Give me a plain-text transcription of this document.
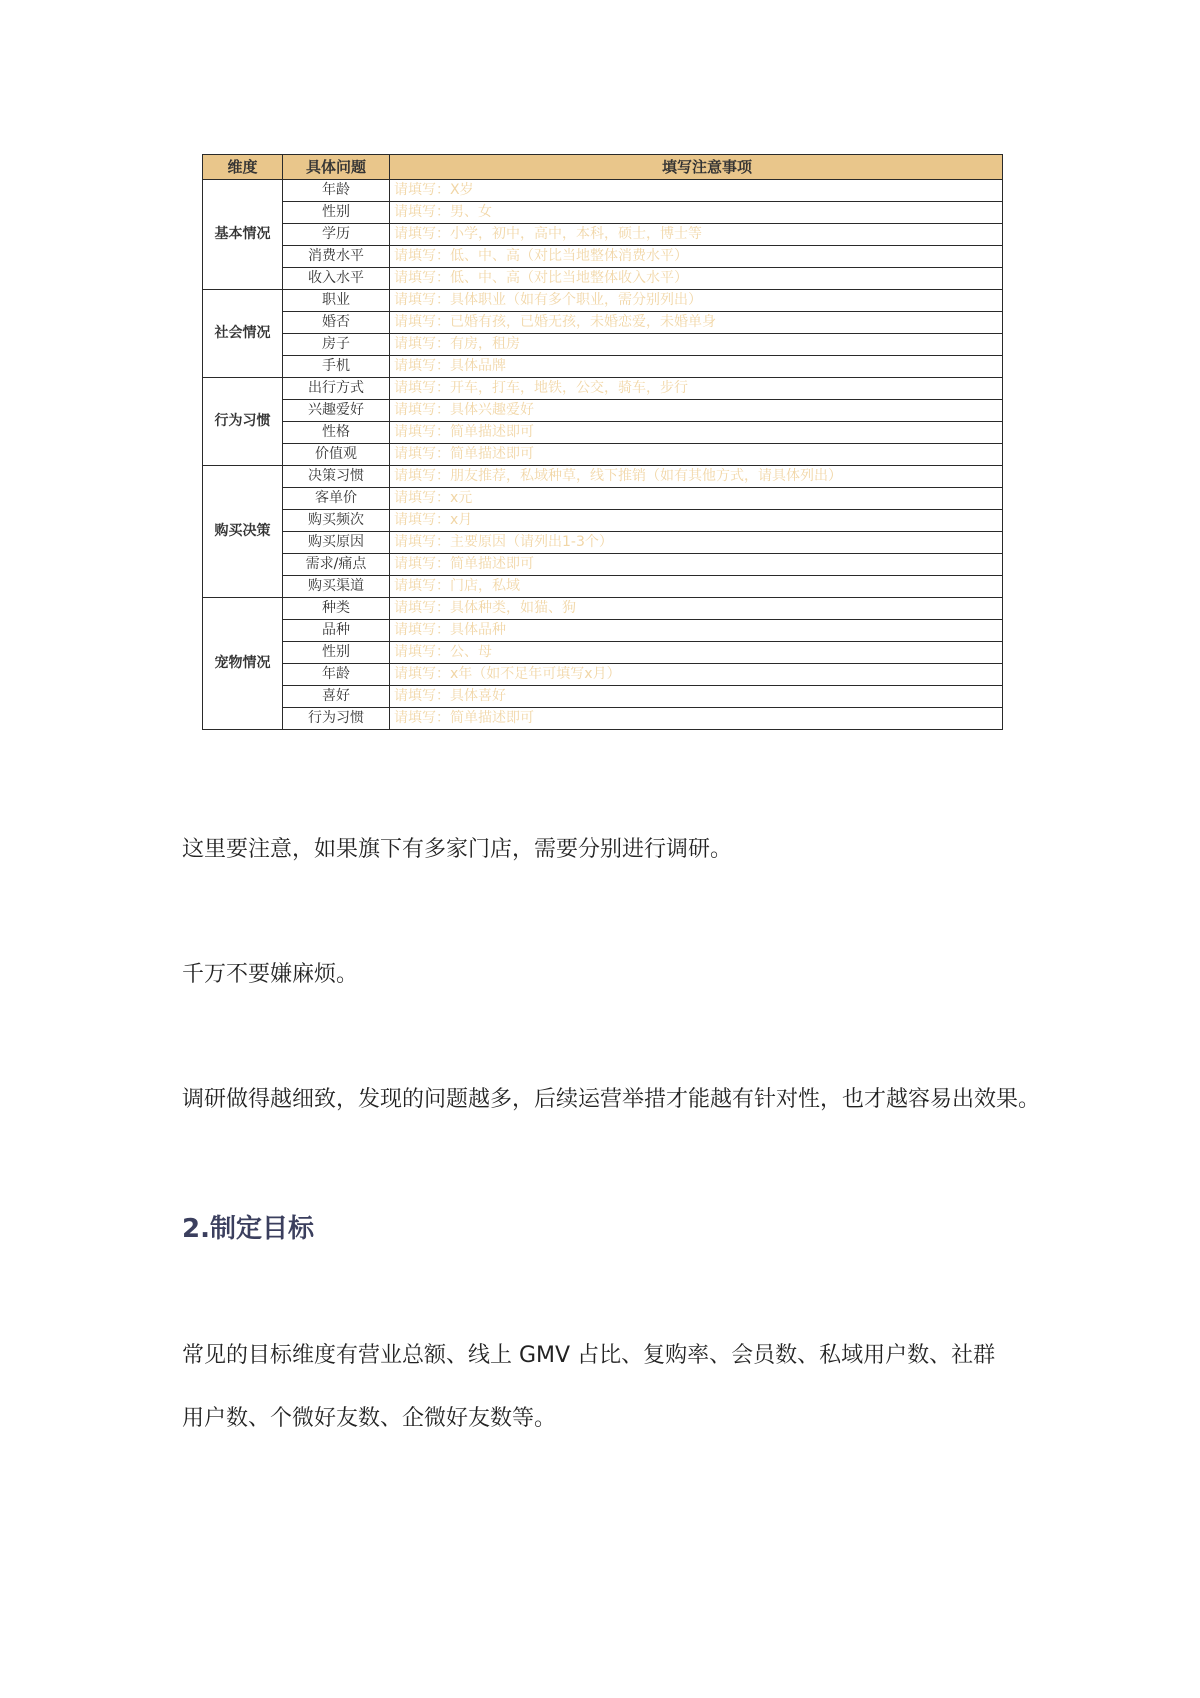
维度	具体问题	填写注意事项
基本情况	年龄	请填写：X岁
	性别	请填写：男、女
	学历	请填写：小学，初中，高中，本科，硕士，博士等
	消费水平	请填写：低、中、高（对比当地整体消费水平）
	收入水平	请填写：低、中、高（对比当地整体收入水平）
社会情况	职业	请填写：具体职业（如有多个职业，需分别列出）
	婚否	请填写：已婚有孩，已婚无孩，未婚恋爱，未婚单身
	房子	请填写：有房，租房
	手机	请填写：具体品牌
行为习惯	出行方式	请填写：开车，打车，地铁，公交，骑车，步行
	兴趣爱好	请填写：具体兴趣爱好
	性格	请填写：简单描述即可
	价值观	请填写：简单描述即可
购买决策	决策习惯	请填写：朋友推荐，私域种草，线下推销（如有其他方式，请具体列出）
	客单价	请填写：x元
	购买频次	请填写：x月
	购买原因	请填写：主要原因（请列出1-3个）
	需求/痛点	请填写：简单描述即可
	购买渠道	请填写：门店，私域
宠物情况	种类	请填写：具体种类，如猫、狗
	品种	请填写：具体品种
	性别	请填写：公、母
	年龄	请填写：x年（如不足年可填写x月）
	喜好	请填写：具体喜好
	行为习惯	请填写：简单描述即可
这里要注意，如果旗下有多家门店，需要分别进行调研。
千万不要嫌麻烦。
调研做得越细致，发现的问题越多，后续运营举措才能越有针对性，也才越容易出效果。
2.制定目标
常见的目标维度有营业总额、线上 GMV 占比、复购率、会员数、私域用户数、社群
用户数、个微好友数、企微好友数等。
